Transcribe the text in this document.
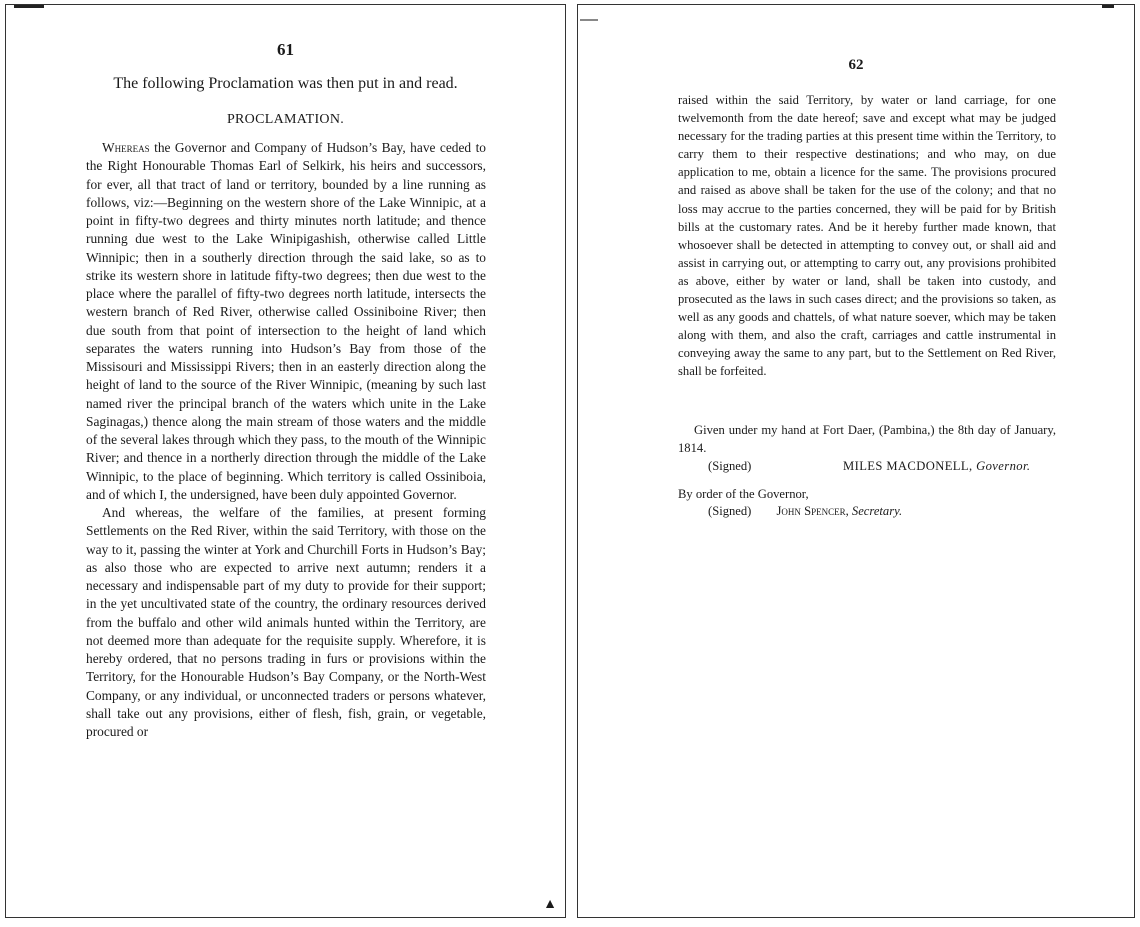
61
The following Proclamation was then put in and read.
PROCLAMATION.

Whereas the Governor and Company of Hudson’s Bay, have ceded to the Right Honourable Thomas Earl of Selkirk, his heirs and successors, for ever, all that tract of land or territory, bounded by a line running as follows, viz:—Beginning on the western shore of the Lake Winnipic, at a point in fifty-two degrees and thirty minutes north latitude; and thence running due west to the Lake Winipigashish, otherwise called Little Winnipic; then in a southerly direction through the said lake, so as to strike its western shore in latitude fifty-two degrees; then due west to the place where the parallel of fifty-two degrees north latitude, intersects the western branch of Red River, otherwise called Ossiniboine River; then due south from that point of intersection to the height of land which separates the waters running into Hudson’s Bay from those of the Missisouri and Mississippi Rivers; then in an easterly direction along the height of land to the source of the River Winnipic, (meaning by such last named river the principal branch of the waters which unite in the Lake Saginagas,) thence along the main stream of those waters and the middle of the several lakes through which they pass, to the mouth of the Winnipic River; and thence in a northerly direction through the middle of the Lake Winnipic, to the place of beginning. Which territory is called Ossiniboia, and of which I, the undersigned, have been duly appointed Governor.

And whereas, the welfare of the families, at present forming Settlements on the Red River, within the said Territory, with those on the way to it, passing the winter at York and Churchill Forts in Hudson’s Bay; as also those who are expected to arrive next autumn; renders it a necessary and indispensable part of my duty to provide for their support; in the yet uncultivated state of the country, the ordinary resources derived from the buffalo and other wild animals hunted within the Territory, are not deemed more than adequate for the requisite supply. Wherefore, it is hereby ordered, that no persons trading in furs or provisions within the Territory, for the Honourable Hudson’s Bay Company, or the North-West Company, or any individual, or unconnected traders or persons whatever, shall take out any provisions, either of flesh, fish, grain, or vegetable, procured or

▲
62

raised within the said Territory, by water or land carriage, for one twelvemonth from the date hereof; save and except what may be judged necessary for the trading parties at this present time within the Territory, to carry them to their respective destinations; and who may, on due application to me, obtain a licence for the same. The provisions procured and raised as above shall be taken for the use of the colony; and that no loss may accrue to the parties concerned, they will be paid for by British bills at the customary rates. And be it hereby further made known, that whosoever shall be detected in attempting to convey out, or shall aid and assist in carrying out, or attempting to carry out, any provisions prohibited as above, either by water or land, shall be taken into custody, and prosecuted as the laws in such cases direct; and the provisions so taken, as well as any goods and chattels, of what nature soever, which may be taken along with them, and also the craft, carriages and cattle instrumental in conveying away the same to any part, but to the Settlement on Red River, shall be forfeited.

Given under my hand at Fort Daer, (Pambina,) the 8th day of January, 1814.
(Signed)	MILES MACDONELL, Governor.
By order of the Governor,
(Signed) John Spencer, Secretary.
